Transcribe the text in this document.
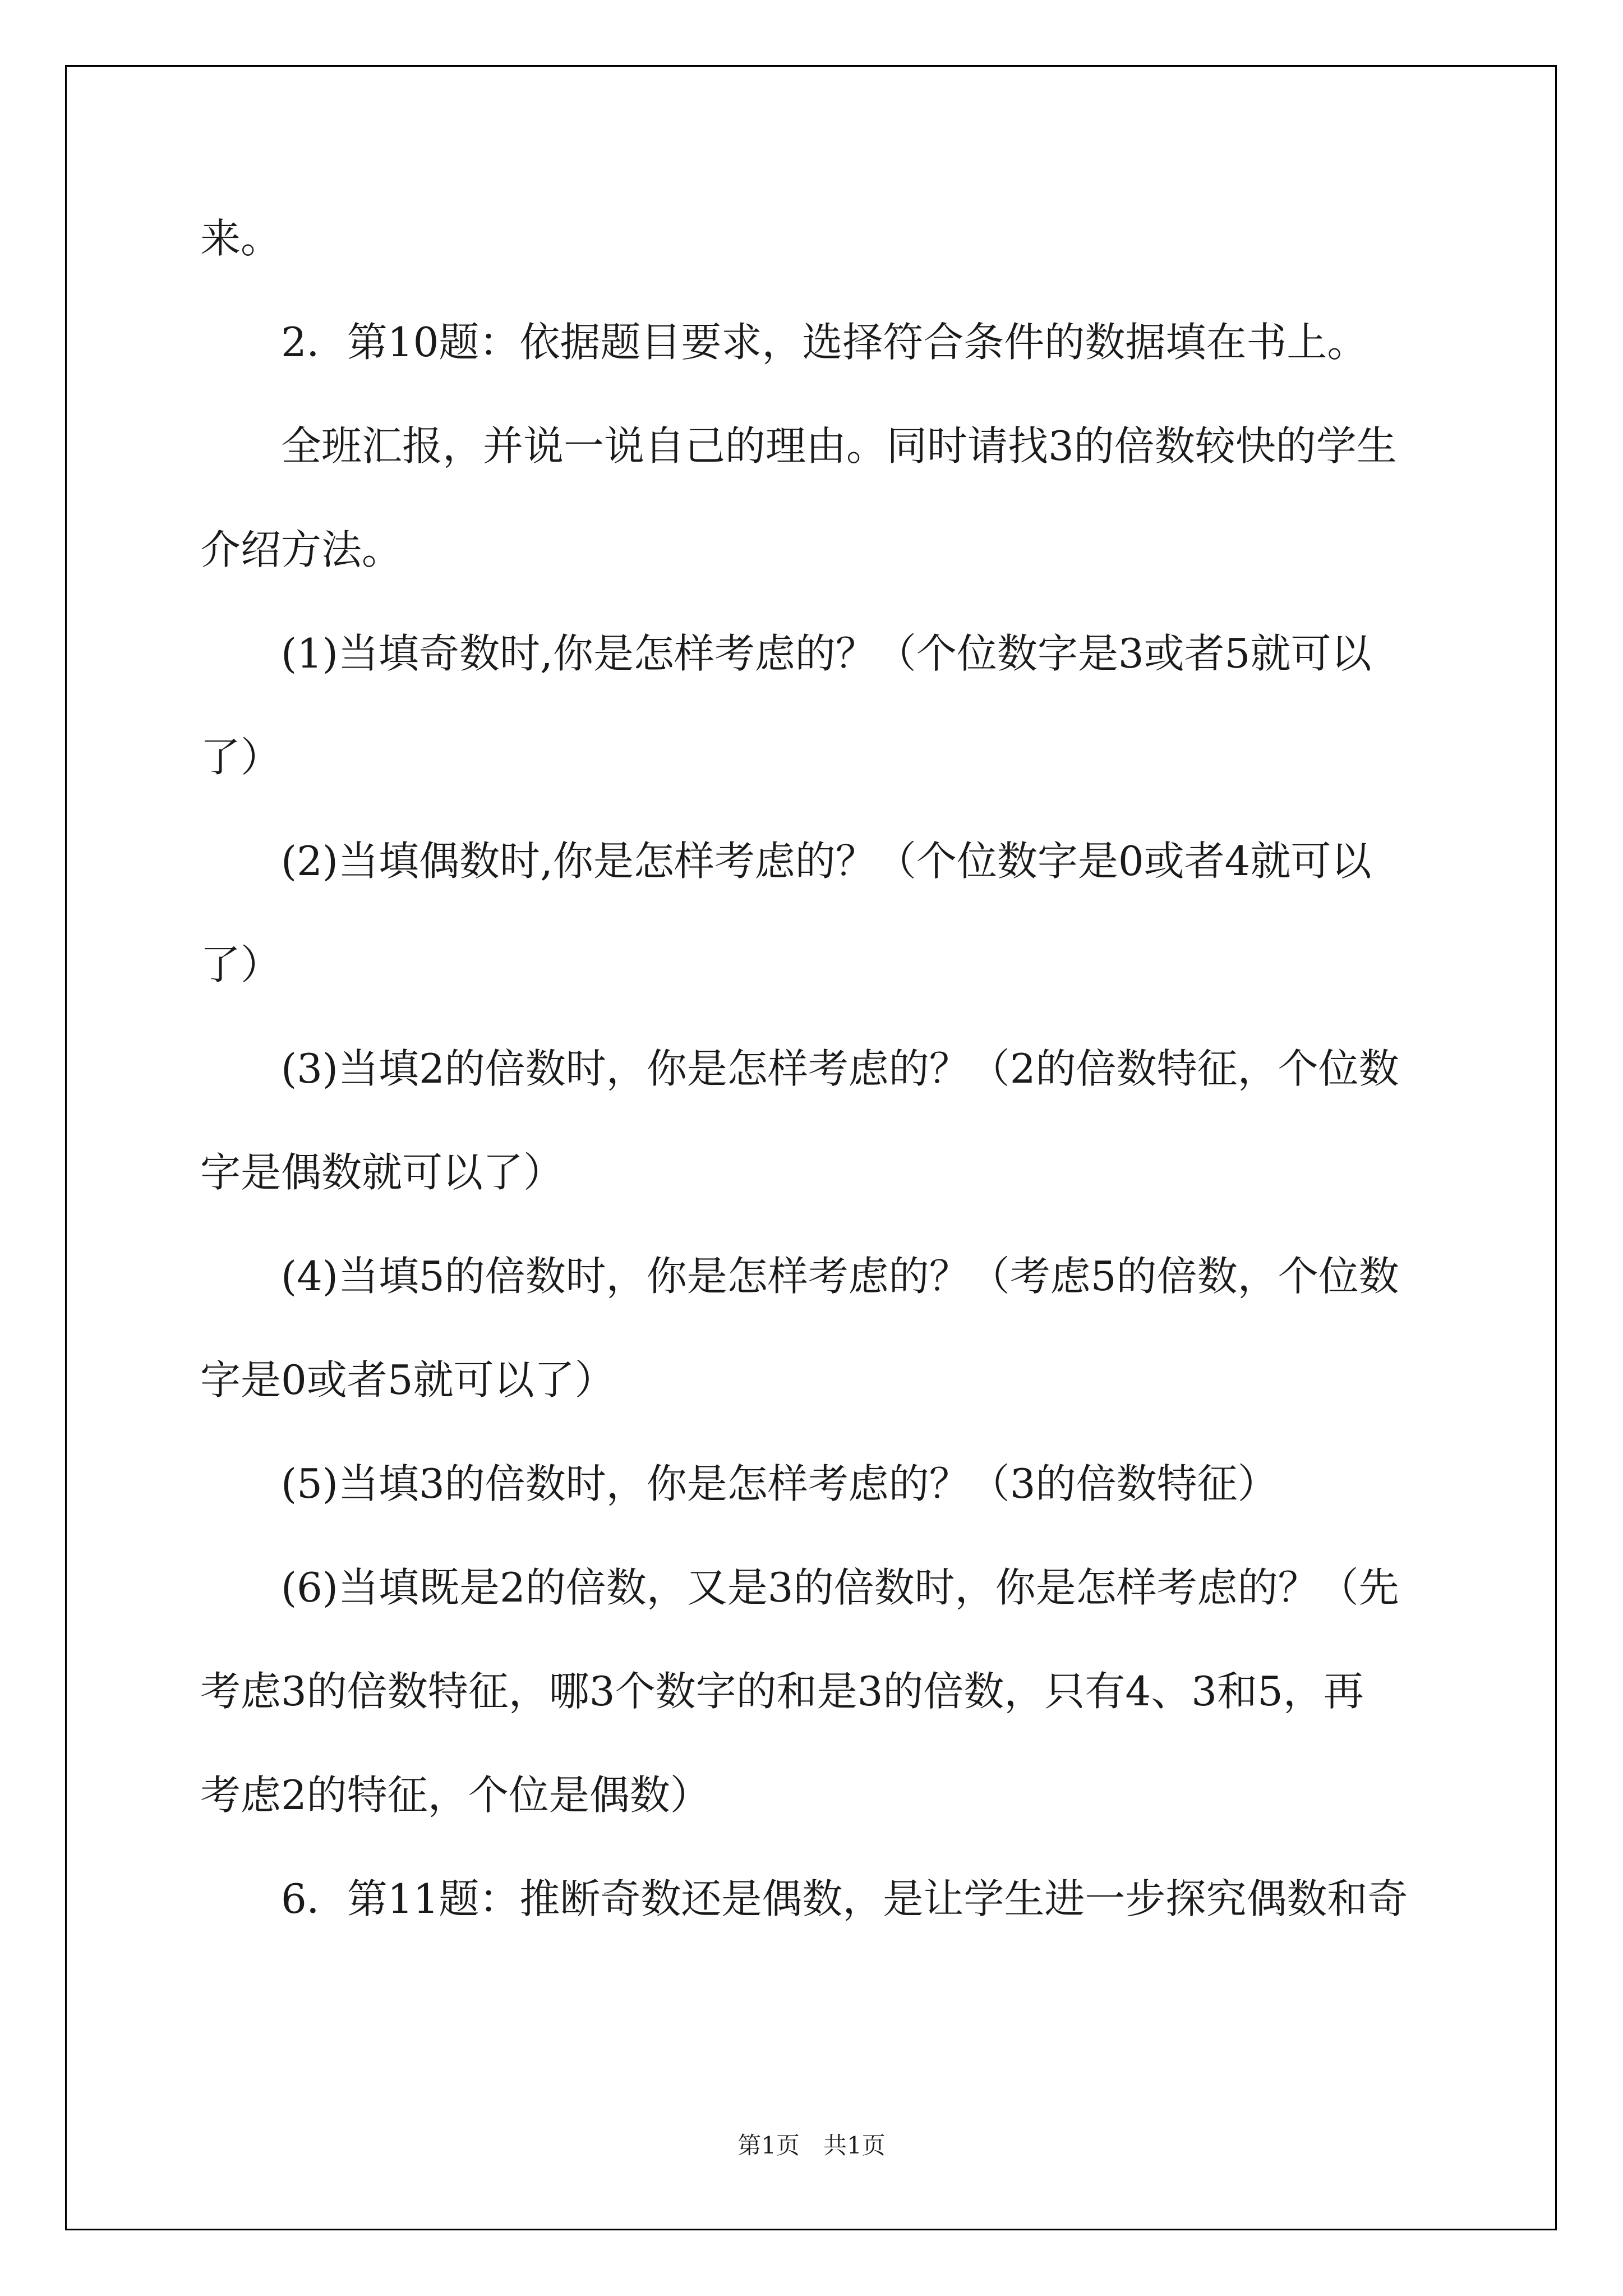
来。
2．第10题：依据题目要求，选择符合条件的数据填在书上。
全班汇报，并说一说自己的理由。同时请找3的倍数较快的学生
介绍方法。
(1)当填奇数时,你是怎样考虑的？（个位数字是3或者5就可以
了）
(2)当填偶数时,你是怎样考虑的？（个位数字是0或者4就可以
了）
(3)当填2的倍数时，你是怎样考虑的？（2的倍数特征，个位数
字是偶数就可以了）
(4)当填5的倍数时，你是怎样考虑的？（考虑5的倍数，个位数
字是0或者5就可以了）
(5)当填3的倍数时，你是怎样考虑的？（3的倍数特征）
(6)当填既是2的倍数，又是3的倍数时，你是怎样考虑的？（先
考虑3的倍数特征，哪3个数字的和是3的倍数，只有4、3和5，再
考虑2的特征，个位是偶数）
6．第11题：推断奇数还是偶数，是让学生进一步探究偶数和奇
第1页　共1页
